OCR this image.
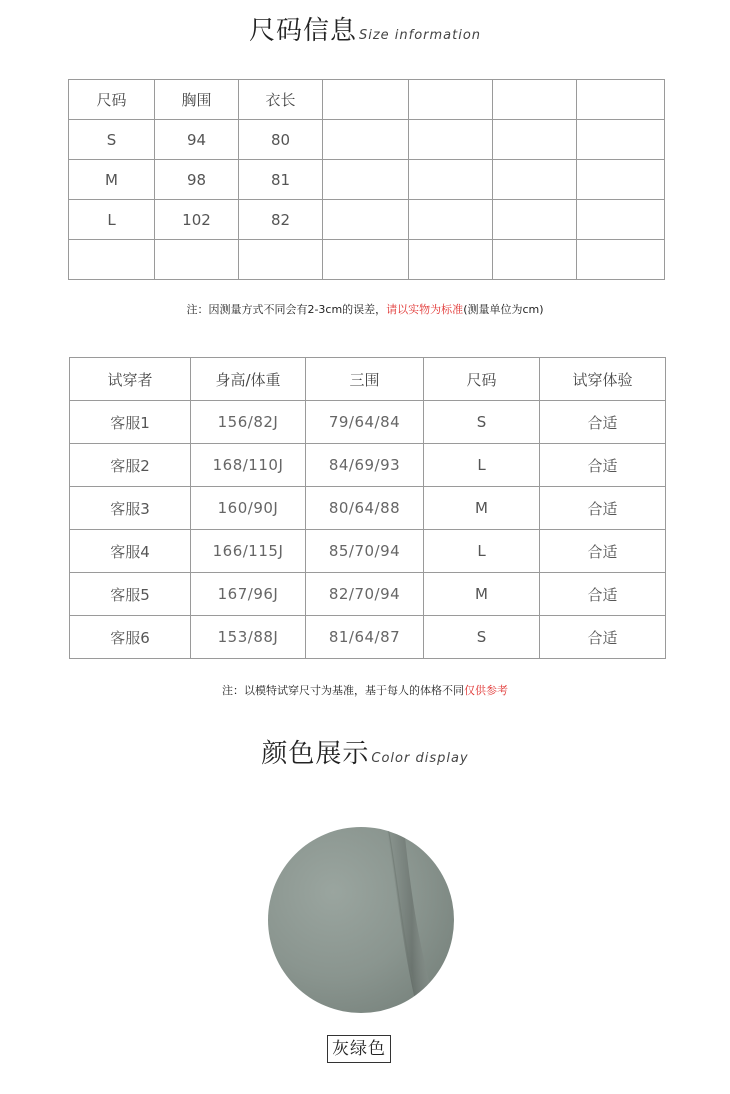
尺码信息 Size information
尺码	胸围	衣长				
S	94	80				
M	98	81				
L	102	82				

注：因测量方式不同会有2-3cm的误差，请以实物为标准(测量单位为cm)
试穿者	身高/体重	三围	尺码	试穿体验
客服1	156/82J	79/64/84	S	合适
客服2	168/110J	84/69/93	L	合适
客服3	160/90J	80/64/88	M	合适
客服4	166/115J	85/70/94	L	合适
客服5	167/96J	82/70/94	M	合适
客服6	153/88J	81/64/87	S	合适
注：以模特试穿尺寸为基准，基于每人的体格不同仅供参考
颜色展示 Color display
灰绿色
